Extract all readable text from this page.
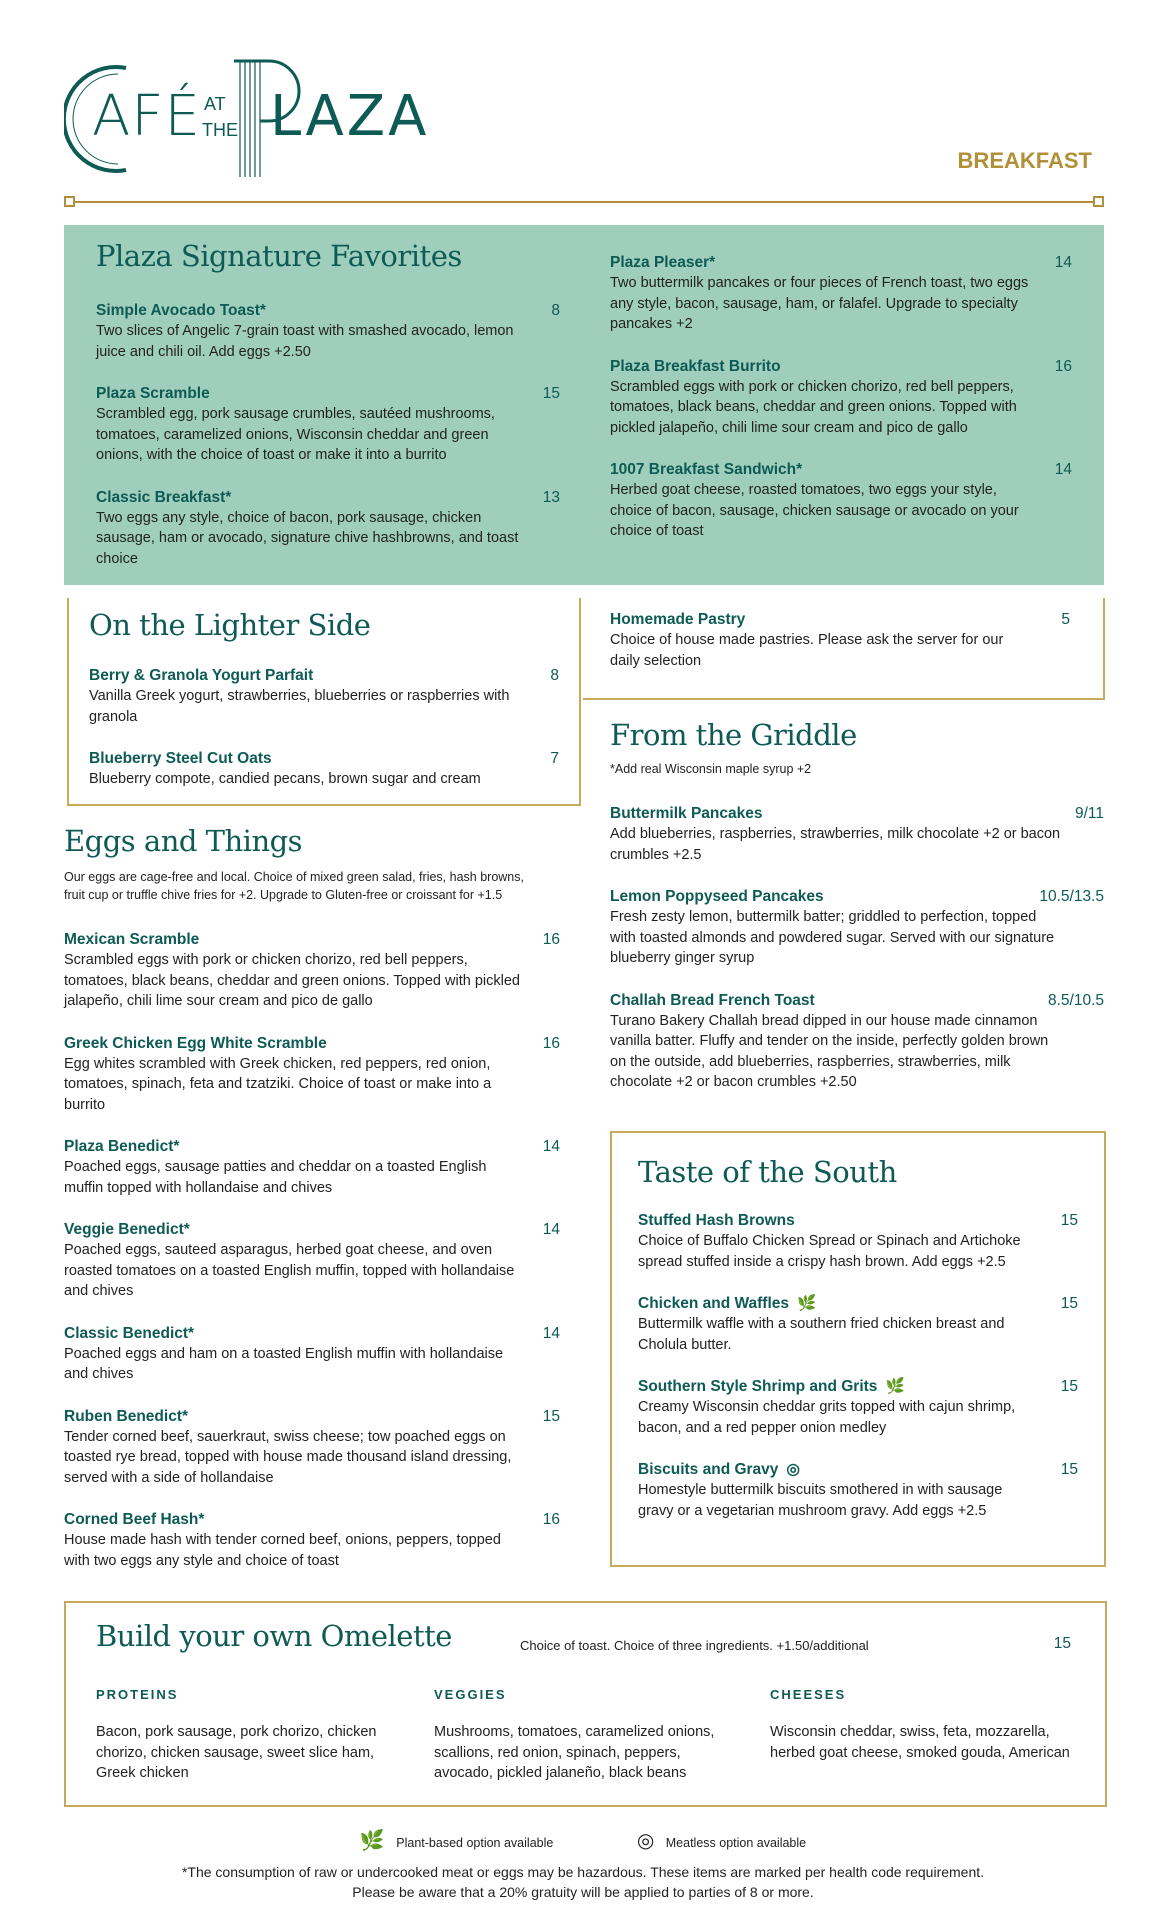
AFÉ AT
THE LAZA
BREAKFAST
Plaza Signature Favorites
Simple Avocado Toast*	8
Two slices of Angelic 7-grain toast with smashed avocado, lemon juice and chili oil. Add eggs +2.50
Plaza Scramble	15
Scrambled egg, pork sausage crumbles, sautéed mushrooms, tomatoes, caramelized onions, Wisconsin cheddar and green onions, with the choice of toast or make it into a burrito
Classic Breakfast*	13
Two eggs any style, choice of bacon, pork sausage, chicken sausage, ham or avocado, signature chive hashbrowns, and toast choice
Plaza Pleaser*	14
Two buttermilk pancakes or four pieces of French toast, two eggs any style, bacon, sausage, ham, or falafel. Upgrade to specialty pancakes +2
Plaza Breakfast Burrito	16
Scrambled eggs with pork or chicken chorizo, red bell peppers, tomatoes, black beans, cheddar and green onions. Topped with pickled jalapeño, chili lime sour cream and pico de gallo
1007 Breakfast Sandwich*	14
Herbed goat cheese, roasted tomatoes, two eggs your style, choice of bacon, sausage, chicken sausage or avocado on your choice of toast
On the Lighter Side
Berry & Granola Yogurt Parfait	8
Vanilla Greek yogurt, strawberries, blueberries or raspberries with granola
Blueberry Steel Cut Oats	7
Blueberry compote, candied pecans, brown sugar and cream
Homemade Pastry	5
Choice of house made pastries. Please ask the server for our daily selection
Eggs and Things
Our eggs are cage-free and local. Choice of mixed green salad, fries, hash browns, fruit cup or truffle chive fries for +2. Upgrade to Gluten-free or croissant for +1.5
Mexican Scramble	16
Scrambled eggs with pork or chicken chorizo, red bell peppers, tomatoes, black beans, cheddar and green onions. Topped with pickled jalapeño, chili lime sour cream and pico de gallo
Greek Chicken Egg White Scramble	16
Egg whites scrambled with Greek chicken, red peppers, red onion, tomatoes, spinach, feta and tzatziki. Choice of toast or make into a burrito
Plaza Benedict*	14
Poached eggs, sausage patties and cheddar on a toasted English muffin topped with hollandaise and chives
Veggie Benedict*	14
Poached eggs, sauteed asparagus, herbed goat cheese, and oven roasted tomatoes on a toasted English muffin, topped with hollandaise and chives
Classic Benedict*	14
Poached eggs and ham on a toasted English muffin with hollandaise and chives
Ruben Benedict*	15
Tender corned beef, sauerkraut, swiss cheese; tow poached eggs on toasted rye bread, topped with house made thousand island dressing, served with a side of hollandaise
Corned Beef Hash*	16
House made hash with tender corned beef, onions, peppers, topped with two eggs any style and choice of toast
From the Griddle
*Add real Wisconsin maple syrup +2
Buttermilk Pancakes	9/11
Add blueberries, raspberries, strawberries, milk chocolate +2 or bacon crumbles +2.5
Lemon Poppyseed Pancakes	10.5/13.5
Fresh zesty lemon, buttermilk batter; griddled to perfection, topped with toasted almonds and powdered sugar. Served with our signature blueberry ginger syrup
Challah Bread French Toast	8.5/10.5
Turano Bakery Challah bread dipped in our house made cinnamon vanilla batter. Fluffy and tender on the inside, perfectly golden brown on the outside, add blueberries, raspberries, strawberries, milk chocolate +2 or bacon crumbles +2.50
Taste of the South
Stuffed Hash Browns	15
Choice of Buffalo Chicken Spread or Spinach and Artichoke spread stuffed inside a crispy hash brown. Add eggs +2.5
Chicken and Waffles 🌿	15
Buttermilk waffle with a southern fried chicken breast and Cholula butter.
Southern Style Shrimp and Grits 🌿	15
Creamy Wisconsin cheddar grits topped with cajun shrimp, bacon, and a red pepper onion medley
Biscuits and Gravy ◎	15
Homestyle buttermilk biscuits smothered in with sausage gravy or a vegetarian mushroom gravy. Add eggs +2.5
Build your own Omelette	Choice of toast. Choice of three ingredients. +1.50/additional	15
PROTEINS
Bacon, pork sausage, pork chorizo, chicken chorizo, chicken sausage, sweet slice ham, Greek chicken
VEGGIES
Mushrooms, tomatoes, caramelized onions, scallions, red onion, spinach, peppers, avocado, pickled jalaneño, black beans
CHEESES
Wisconsin cheddar, swiss, feta, mozzarella, herbed goat cheese, smoked gouda, American
🌿 Plant-based option available	◎ Meatless option available
*The consumption of raw or undercooked meat or eggs may be hazardous. These items are marked per health code requirement.
Please be aware that a 20% gratuity will be applied to parties of 8 or more.
